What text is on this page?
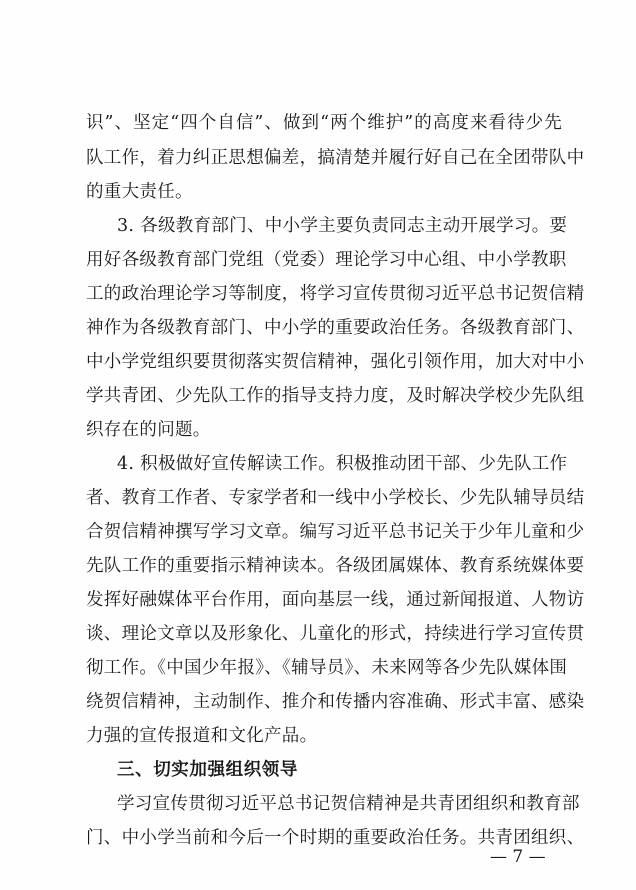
识”、坚定“四个自信”、做到“两个维护”的高度来看待少先
队工作，着力纠正思想偏差，搞清楚并履行好自己在全团带队中
的重大责任。
3. 各级教育部门、中小学主要负责同志主动开展学习。要
用好各级教育部门党组（党委）理论学习中心组、中小学教职
工的政治理论学习等制度，将学习宣传贯彻习近平总书记贺信精
神作为各级教育部门、中小学的重要政治任务。各级教育部门、
中小学党组织要贯彻落实贺信精神，强化引领作用，加大对中小
学共青团、少先队工作的指导支持力度，及时解决学校少先队组
织存在的问题。
4. 积极做好宣传解读工作。积极推动团干部、少先队工作
者、教育工作者、专家学者和一线中小学校长、少先队辅导员结
合贺信精神撰写学习文章。编写习近平总书记关于少年儿童和少
先队工作的重要指示精神读本。各级团属媒体、教育系统媒体要
发挥好融媒体平台作用，面向基层一线，通过新闻报道、人物访
谈、理论文章以及形象化、儿童化的形式，持续进行学习宣传贯
彻工作。《中国少年报》、《辅导员》、未来网等各少先队媒体围
绕贺信精神，主动制作、推介和传播内容准确、形式丰富、感染
力强的宣传报道和文化产品。
三、切实加强组织领导
学习宣传贯彻习近平总书记贺信精神是共青团组织和教育部
门、中小学当前和今后一个时期的重要政治任务。共青团组织、
— 7 —
